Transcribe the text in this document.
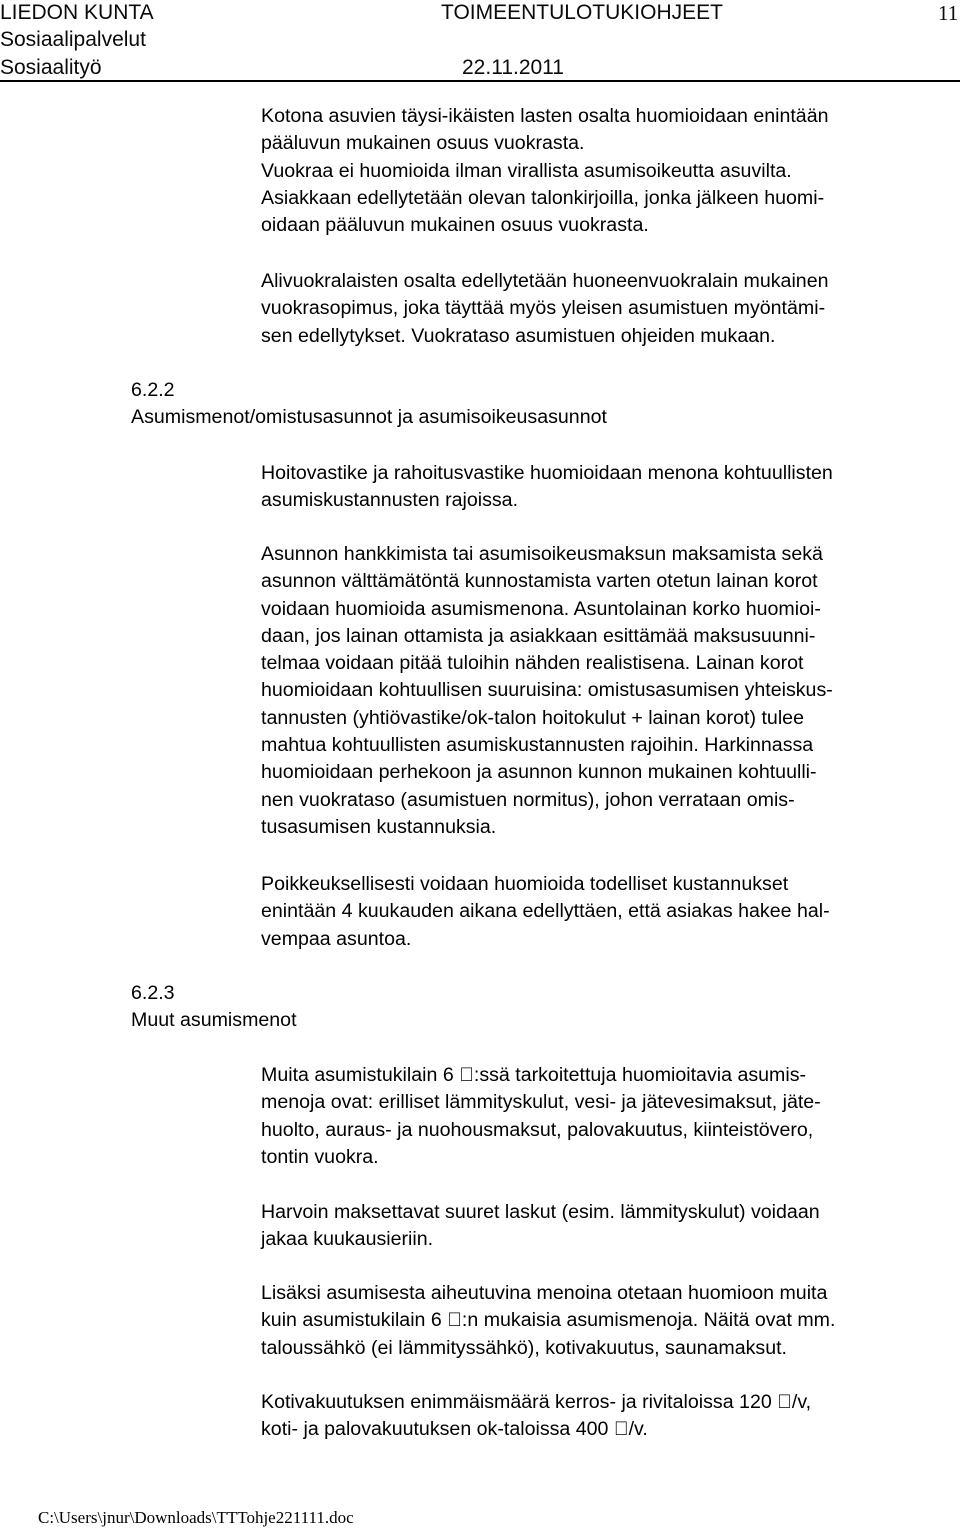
LIEDON KUNTA	TOIMEENTULOTUKIOHJEET	11
Sosiaalipalvelut
Sosiaalityö	22.11.2011
Kotona asuvien täysi-ikäisten lasten osalta huomioidaan enintään
pääluvun mukainen osuus vuokrasta.
Vuokraa ei huomioida ilman virallista asumisoikeutta asuvilta.
Asiakkaan edellytetään olevan talonkirjoilla, jonka jälkeen huomi-
oidaan pääluvun mukainen osuus vuokrasta.
Alivuokralaisten osalta edellytetään huoneenvuokralain mukainen
vuokrasopimus, joka täyttää myös yleisen asumistuen myöntämi-
sen edellytykset. Vuokrataso asumistuen ohjeiden mukaan.
6.2.2
Asumismenot/omistusasunnot ja asumisoikeusasunnot
Hoitovastike ja rahoitusvastike huomioidaan menona kohtuullisten
asumiskustannusten rajoissa.
Asunnon hankkimista tai asumisoikeusmaksun maksamista sekä
asunnon välttämätöntä kunnostamista varten otetun lainan korot
voidaan huomioida asumismenona. Asuntolainan korko huomioi-
daan, jos lainan ottamista ja asiakkaan esittämää maksusuunni-
telmaa voidaan pitää tuloihin nähden realistisena. Lainan korot
huomioidaan kohtuullisen suuruisina: omistusasumisen yhteiskus-
tannusten (yhtiövastike/ok-talon hoitokulut + lainan korot) tulee
mahtua kohtuullisten asumiskustannusten rajoihin. Harkinnassa
huomioidaan perhekoon ja asunnon kunnon mukainen kohtuulli-
nen vuokrataso (asumistuen normitus), johon verrataan omis-
tusasumisen kustannuksia.
Poikkeuksellisesti voidaan huomioida todelliset kustannukset
enintään 4 kuukauden aikana edellyttäen, että asiakas hakee hal-
vempaa asuntoa.
6.2.3
Muut asumismenot
Muita asumistukilain 6 :ssä tarkoitettuja huomioitavia asumis-
menoja ovat: erilliset lämmityskulut, vesi- ja jätevesimaksut, jäte-
huolto, auraus- ja nuohousmaksut, palovakuutus, kiinteistövero,
tontin vuokra.
Harvoin maksettavat suuret laskut (esim. lämmityskulut) voidaan
jakaa kuukausieriin.
Lisäksi asumisesta aiheutuvina menoina otetaan huomioon muita
kuin asumistukilain 6 :n mukaisia asumismenoja. Näitä ovat mm.
taloussähkö (ei lämmityssähkö), kotivakuutus, saunamaksut.
Kotivakuutuksen enimmäismäärä kerros- ja rivitaloissa 120 /v,
koti- ja palovakuutuksen ok-taloissa 400 /v.
C:\Users\jnur\Downloads\TTTohje221111.doc
